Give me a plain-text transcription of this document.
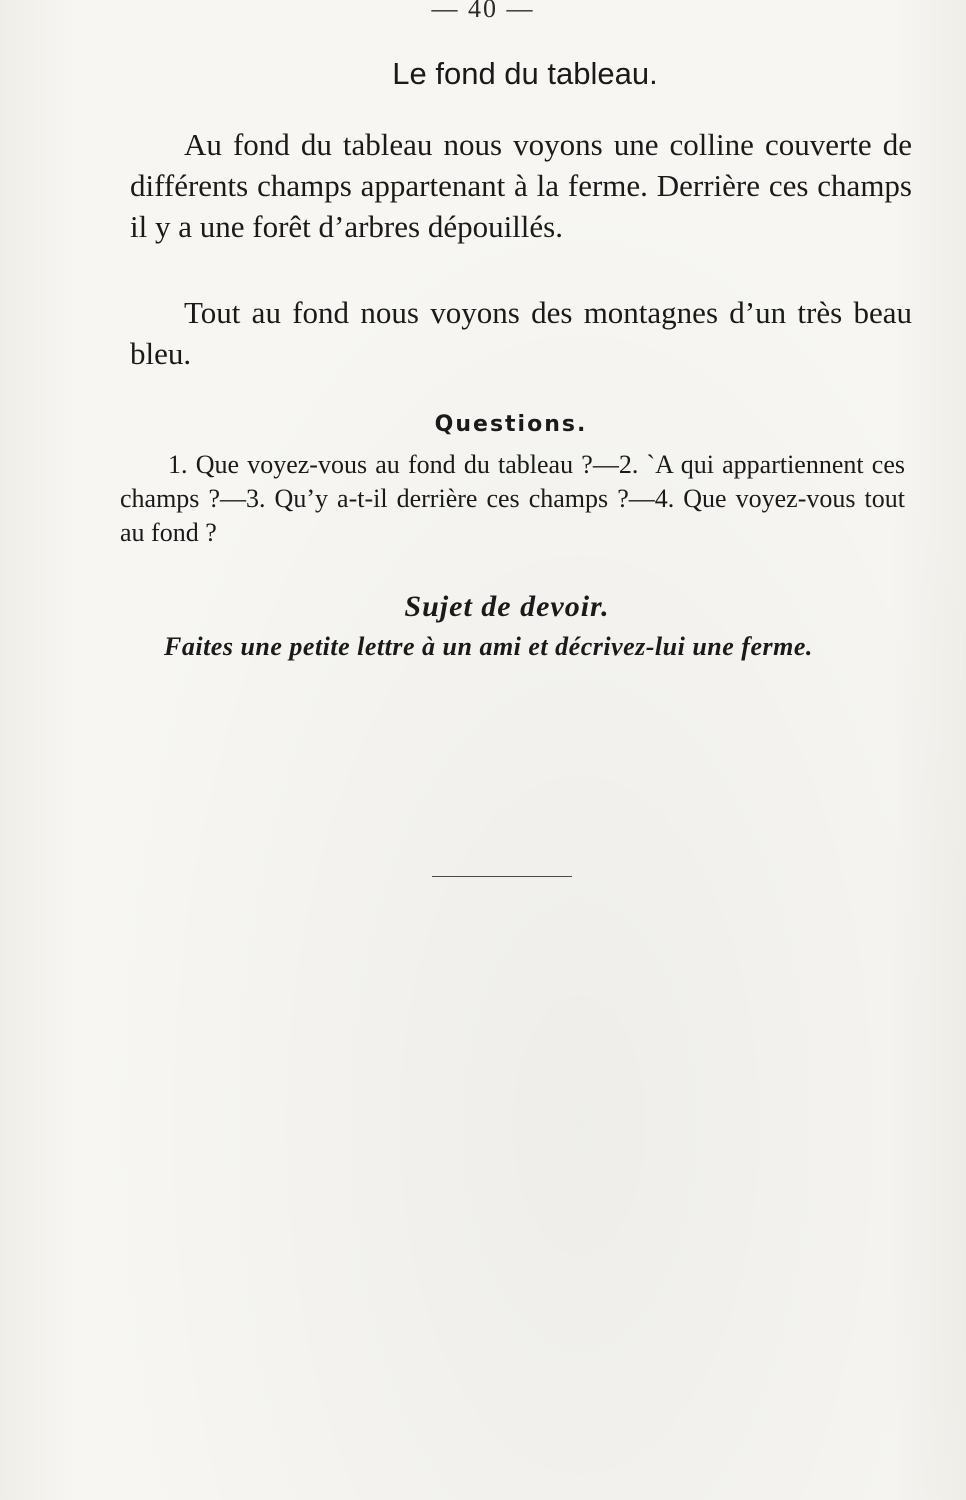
— 40 —
Le fond du tableau.
Au fond du tableau nous voyons une colline couverte de différents champs appartenant à la ferme. Derrière ces champs il y a une forêt d’arbres dépouillés.
Tout au fond nous voyons des montagnes d’un très beau bleu.
Questions.
1. Que voyez-vous au fond du tableau ?—2. `A qui appartiennent ces champs ?—3. Qu’y a-t-il derrière ces champs ?—4. Que voyez-vous tout au fond ?
Sujet de devoir.
Faites une petite lettre à un ami et décrivez-lui une ferme.
